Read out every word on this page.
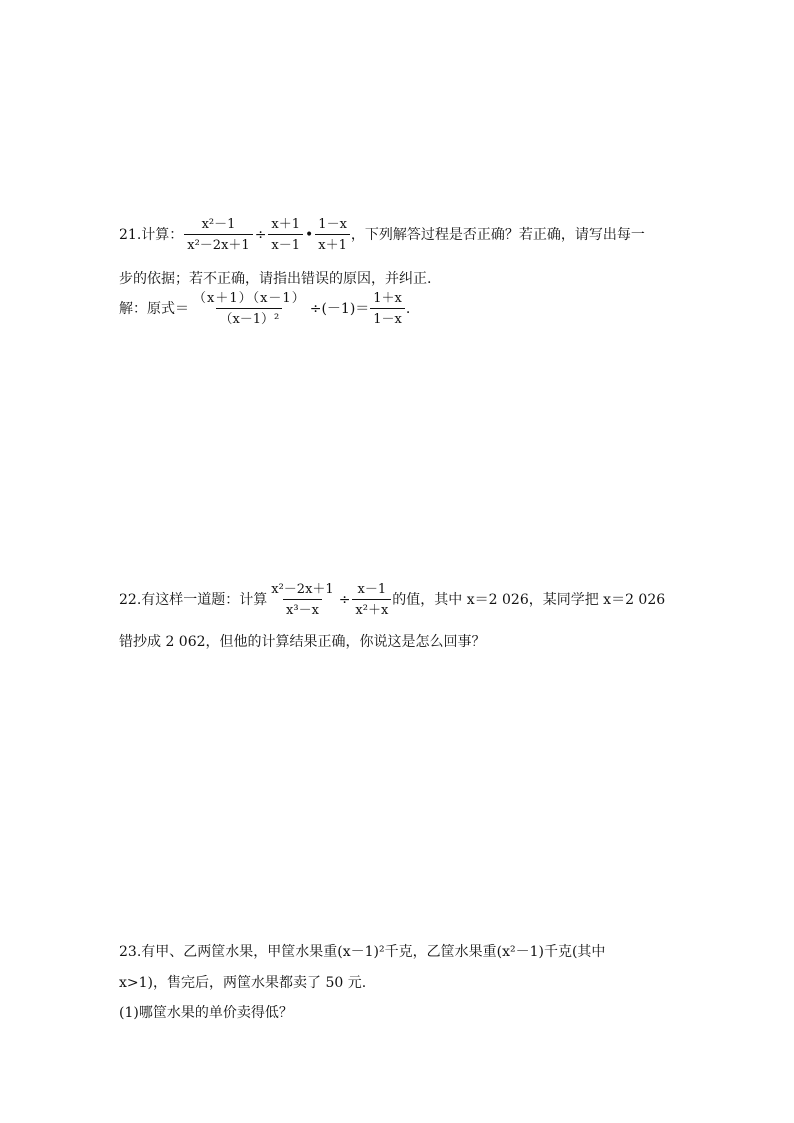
21.计算： $\frac{\text{x²－1}}{\text{x²－2x＋1}} \div \frac{x+1}{x-1}$ • $\frac{1-x}{x+1}$ ，下列解答过程是否正确？若正确，请写出每一
步的依据；若不正确，请指出错误的原因，并纠正.
解：原式＝ $\frac{(x+1)(x-1)}{\text{（x－1）²}} \div(-1)= \frac{1+x}{1-x}$ .
22.有这样一道题：计算 $\frac{\text{x²－2x＋1}}{\text{x³－x}} \div \frac{x-1}{\text{x²＋x}}$ 的值，其中 x＝2 026，某同学把 x＝2 026
错抄成 2 062，但他的计算结果正确，你说这是怎么回事？
23.有甲、乙两筐水果，甲筐水果重(x－1)²千克，乙筐水果重(x²－1)千克(其中
x>1)，售完后，两筐水果都卖了 50 元.
(1)哪筐水果的单价卖得低？
